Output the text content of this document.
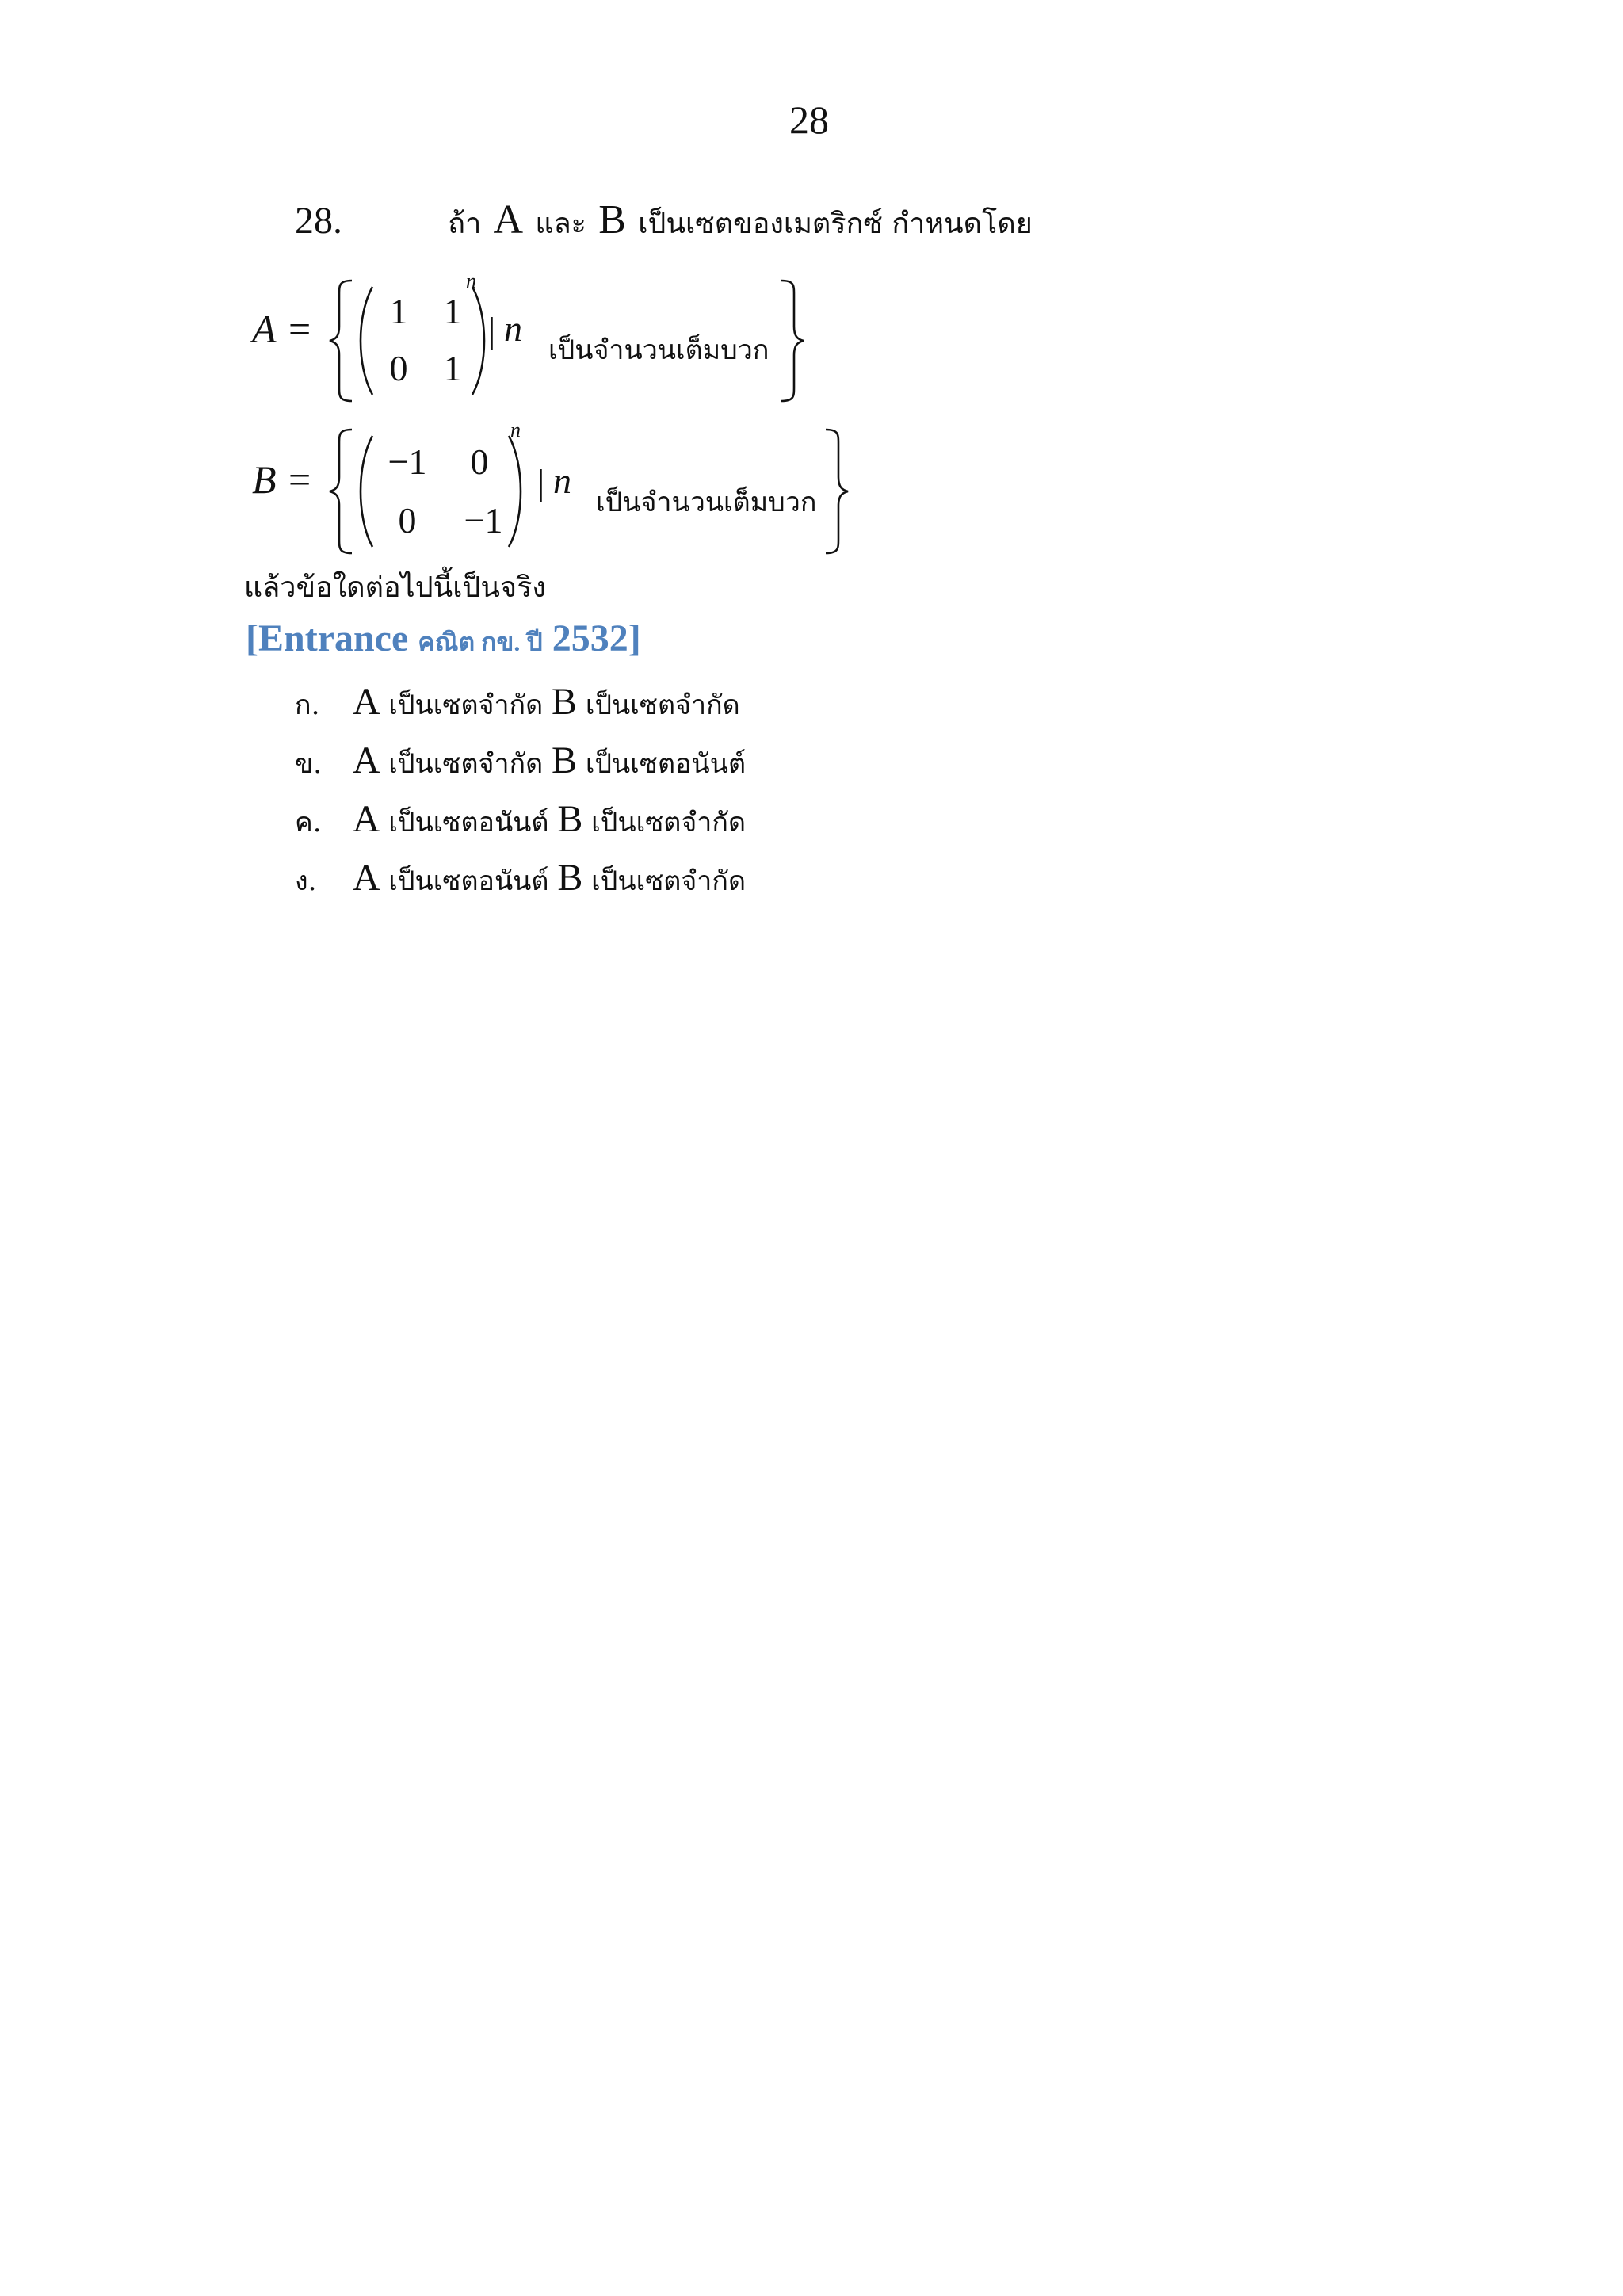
28
28.	ถ้า A และ B เป็นเซตของเมตริกซ์ กำหนดโดย
A = 1 1
0 1
n
| n
เป็นจำนวนเต็มบวก
B =	−1	0
0	−1
n
| n
เป็นจำนวนเต็มบวก
แล้วข้อใดต่อไปนี้เป็นจริง
[Entrance คณิต กข. ปี 2532]
ก. A เป็นเซตจำกัด B เป็นเซตจำกัด
ข. A เป็นเซตจำกัด B เป็นเซตอนันต์
ค. A เป็นเซตอนันต์ B เป็นเซตจำกัด
ง. A เป็นเซตอนันต์ B เป็นเซตจำกัด
